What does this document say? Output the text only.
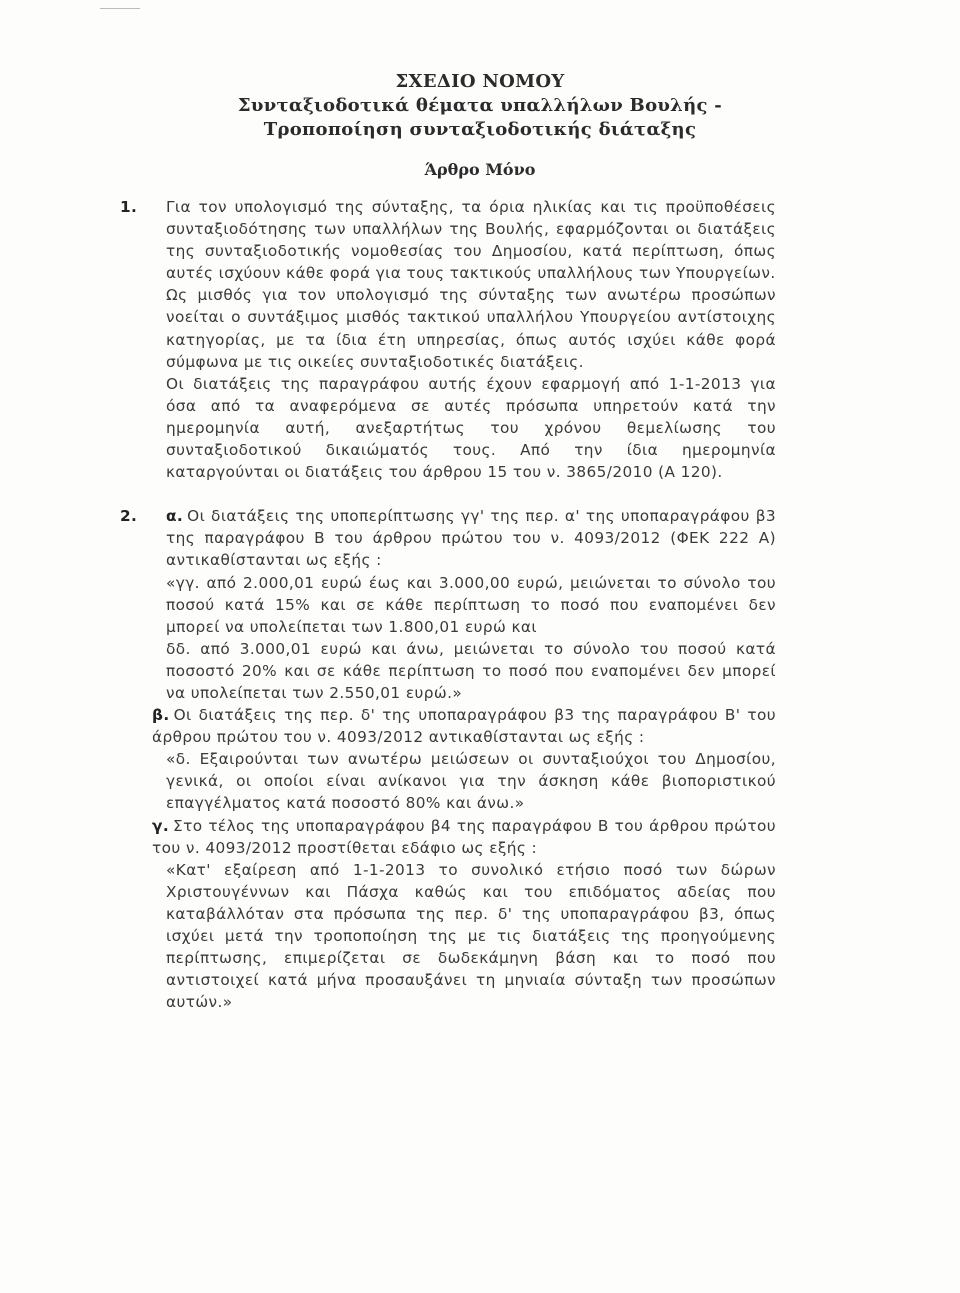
ΣΧΕΔΙΟ ΝΟΜΟΥ
Συνταξιοδοτικά θέματα υπαλλήλων Βουλής -
Τροποποίηση συνταξιοδοτικής διάταξης
Άρθρο Μόνο
1.	Για τον υπολογισμό της σύνταξης, τα όρια ηλικίας και τις προϋποθέσεις συνταξιοδότησης των υπαλλήλων της Βουλής, εφαρμόζονται οι διατάξεις της συνταξιοδοτικής νομοθεσίας του Δημοσίου, κατά περίπτωση, όπως αυτές ισχύουν κάθε φορά για τους τακτικούς υπαλλήλους των Υπουργείων.

Ως μισθός για τον υπολογισμό της σύνταξης των ανωτέρω προσώπων νοείται ο συντάξιμος μισθός τακτικού υπαλλήλου Υπουργείου αντίστοιχης κατηγορίας, με τα ίδια έτη υπηρεσίας, όπως αυτός ισχύει κάθε φορά σύμφωνα με τις οικείες συνταξιοδοτικές διατάξεις.

Οι διατάξεις της παραγράφου αυτής έχουν εφαρμογή από 1-1-2013 για όσα από τα αναφερόμενα σε αυτές πρόσωπα υπηρετούν κατά την ημερομηνία αυτή, ανεξαρτήτως του χρόνου θεμελίωσης του συνταξιοδοτικού δικαιώματός τους. Από την ίδια ημερομηνία καταργούνται οι διατάξεις του άρθρου 15 του ν. 3865/2010 (Α 120).

2.	α. Οι διατάξεις της υποπερίπτωσης γγ' της περ. α' της υποπαραγράφου β3 της παραγράφου Β του άρθρου πρώτου του ν. 4093/2012 (ΦΕΚ 222 Α) αντικαθίστανται ως εξής :

«γγ. από 2.000,01 ευρώ έως και 3.000,00 ευρώ, μειώνεται το σύνολο του ποσού κατά 15% και σε κάθε περίπτωση το ποσό που εναπομένει δεν μπορεί να υπολείπεται των 1.800,01 ευρώ και

δδ. από 3.000,01 ευρώ και άνω, μειώνεται το σύνολο του ποσού κατά ποσοστό 20% και σε κάθε περίπτωση το ποσό που εναπομένει δεν μπορεί να υπολείπεται των 2.550,01 ευρώ.»

β. Οι διατάξεις της περ. δ' της υποπαραγράφου β3 της παραγράφου Β' του άρθρου πρώτου του ν. 4093/2012 αντικαθίστανται ως εξής :

«δ. Εξαιρούνται των ανωτέρω μειώσεων οι συνταξιούχοι του Δημοσίου, γενικά, οι οποίοι είναι ανίκανοι για την άσκηση κάθε βιοποριστικού επαγγέλματος κατά ποσοστό 80% και άνω.»

γ. Στο τέλος της υποπαραγράφου β4 της παραγράφου Β του άρθρου πρώτου του ν. 4093/2012 προστίθεται εδάφιο ως εξής :

«Κατ' εξαίρεση από 1-1-2013 το συνολικό ετήσιο ποσό των δώρων Χριστουγέννων και Πάσχα καθώς και του επιδόματος αδείας που καταβάλλόταν στα πρόσωπα της περ. δ' της υποπαραγράφου β3, όπως ισχύει μετά την τροποποίηση της με τις διατάξεις της προηγούμενης περίπτωσης, επιμερίζεται σε δωδεκάμηνη βάση και το ποσό που αντιστοιχεί κατά μήνα προσαυξάνει τη μηνιαία σύνταξη των προσώπων αυτών.»
